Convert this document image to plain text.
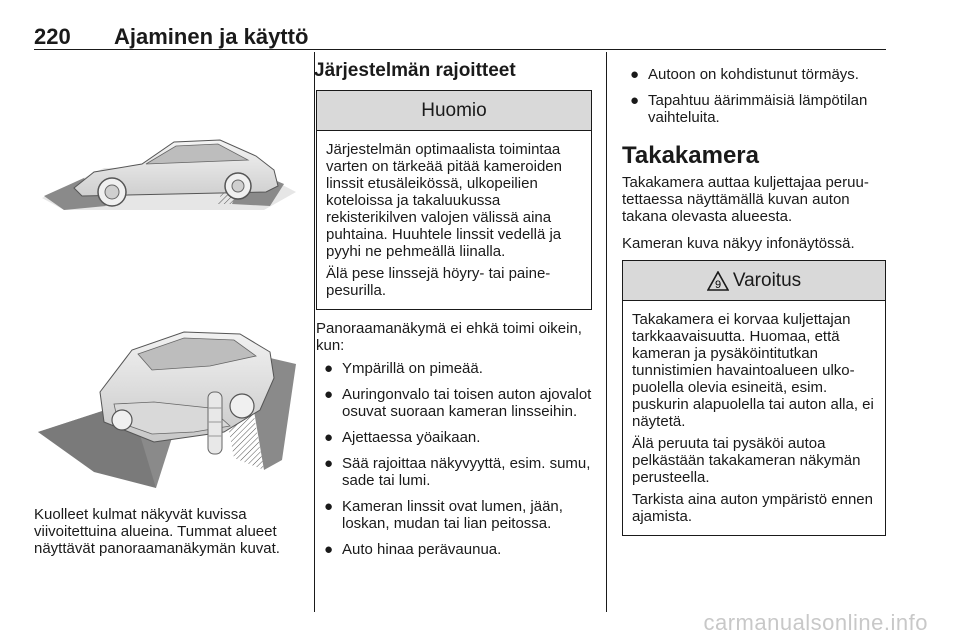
220 Ajaminen ja käyttö

Kuolleet kulmat näkyvät kuvissa viivoitettuina alueina. Tummat alueet näyttävät panoraamanäkymän kuvat.

Järjestelmän rajoitteet
Huomio

Järjestelmän optimaalista toimintaa varten on tärkeää pitää kameroiden linssit etusäleikössä, ulkopeilien koteloissa ja takaluukussa rekisterikilven valojen välissä aina puhtaina. Huuhtele linssit vedellä ja pyyhi ne pehmeällä liinalla.

Älä pese linssejä höyry- tai painepesurilla.

Panoraamanäkymä ei ehkä toimi oikein, kun:

● Ympärillä on pimeää.
● Auringonvalo tai toisen auton ajovalot osuvat suoraan kameran linsseihin.
● Ajettaessa yöaikaan.
● Sää rajoittaa näkyvyyttä, esim. sumu, sade tai lumi.
● Kameran linssit ovat lumen, jään, loskan, mudan tai lian peitossa.
● Auto hinaa perävaunua.
● Autoon on kohdistunut törmäys.
● Tapahtuu äärimmäisiä lämpötilan vaihteluita.
Takakamera

Takakamera auttaa kuljettajaa peruutettaessa näyttämällä kuvan auton takana olevasta alueesta.

Kameran kuva näkyy infonäytössä.

9 Varoitus

Takakamera ei korvaa kuljettajan tarkkaavaisuutta. Huomaa, että kameran ja pysäköintitutkan tunnistimien havaintoalueen ulkopuolella olevia esineitä, esim. puskurin alapuolella tai auton alla, ei näytetä.

Älä peruuta tai pysäköi autoa pelkästään takakameran näkymän perusteella.

Tarkista aina auton ympäristö ennen ajamista.

carmanualsonline.info
